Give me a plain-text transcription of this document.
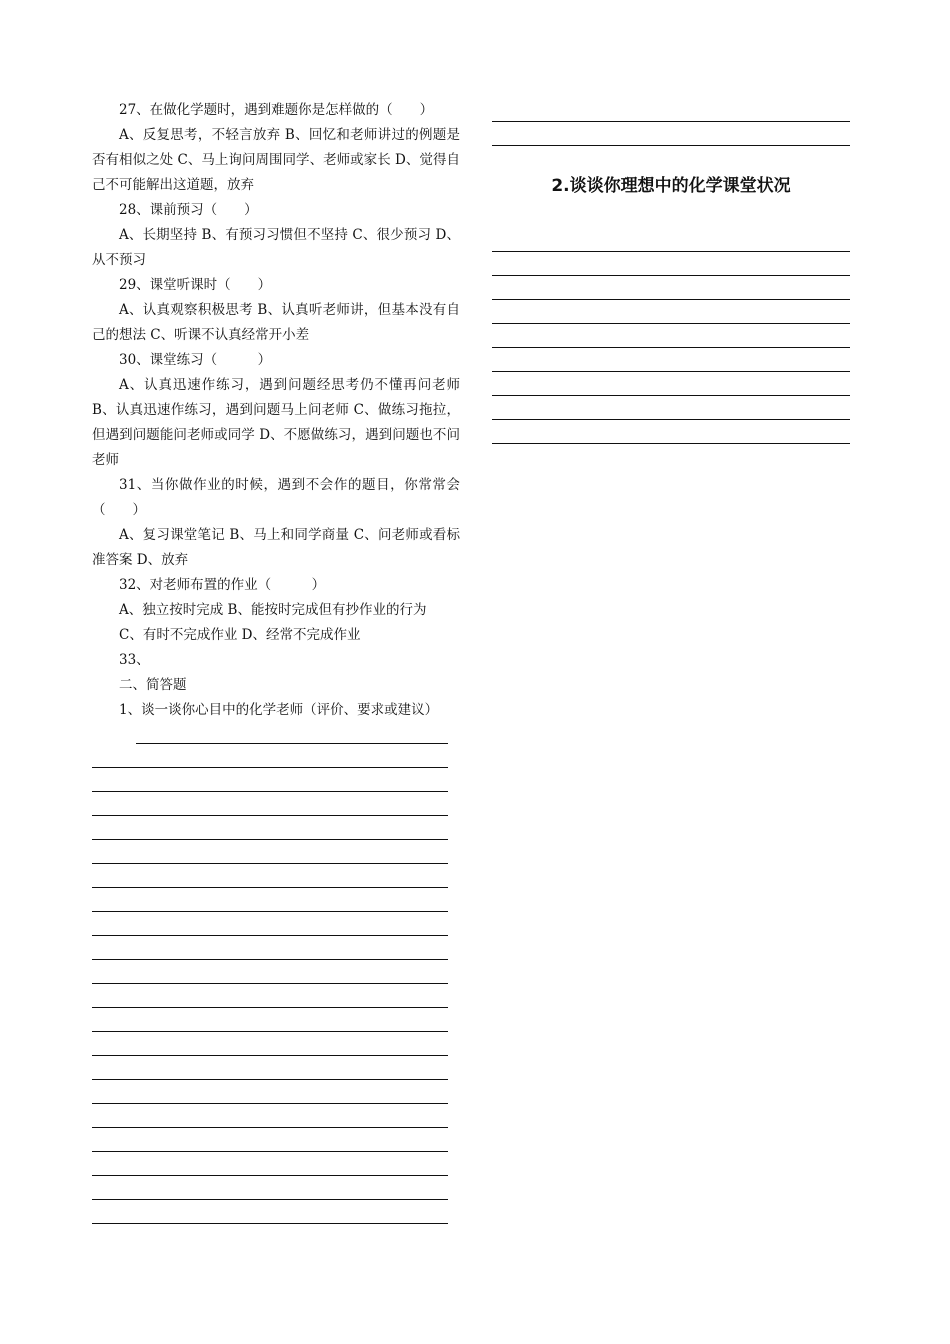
27、在做化学题时，遇到难题你是怎样做的（　　）

A、反复思考，不轻言放弃 B、回忆和老师讲过的例题是否有相似之处 C、马上询问周围同学、老师或家长 D、觉得自己不可能解出这道题，放弃

28、课前预习（　　）

A、长期坚持 B、有预习习惯但不坚持 C、很少预习 D、从不预习

29、课堂听课时（　　）

A、认真观察积极思考 B、认真听老师讲，但基本没有自己的想法 C、听课不认真经常开小差

30、课堂练习（　　　）

A、认真迅速作练习，遇到问题经思考仍不懂再问老师 B、认真迅速作练习，遇到问题马上问老师 C、做练习拖拉，但遇到问题能问老师或同学 D、不愿做练习，遇到问题也不问老师

31、当你做作业的时候，遇到不会作的题目，你常常会（　　）

A、复习课堂笔记 B、马上和同学商量 C、问老师或看标准答案 D、放弃

32、对老师布置的作业（　　　）

A、独立按时完成 B、能按时完成但有抄作业的行为

C、有时不完成作业 D、经常不完成作业

33、

二、简答题

1、谈一谈你心目中的化学老师（评价、要求或建议）

2.谈谈你理想中的化学课堂状况
